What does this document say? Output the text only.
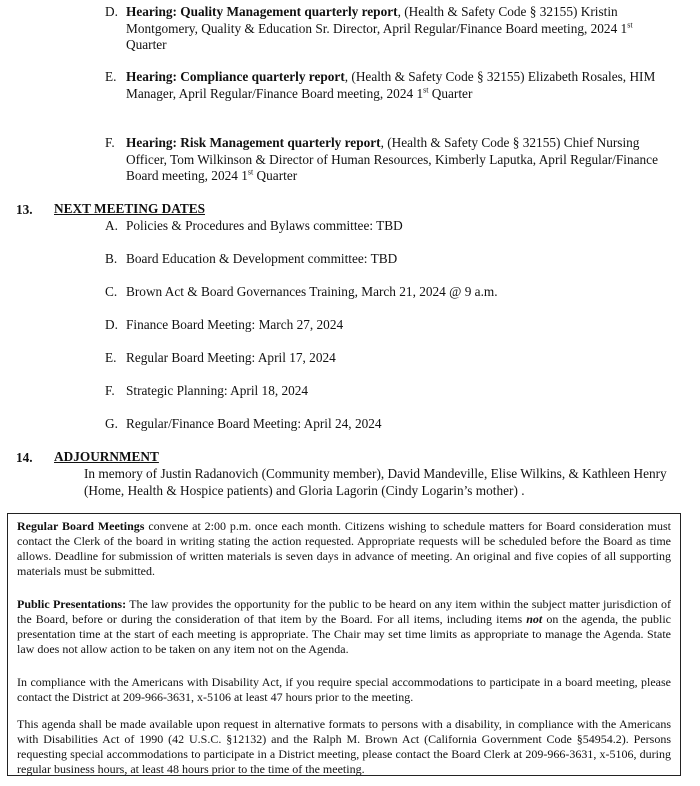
D. Hearing: Quality Management quarterly report, (Health & Safety Code § 32155) Kristin Montgomery, Quality & Education Sr. Director, April Regular/Finance Board meeting, 2024 1st Quarter
E. Hearing: Compliance quarterly report, (Health & Safety Code § 32155) Elizabeth Rosales, HIM Manager, April Regular/Finance Board meeting, 2024 1st Quarter
F. Hearing: Risk Management quarterly report, (Health & Safety Code § 32155) Chief Nursing Officer, Tom Wilkinson & Director of Human Resources, Kimberly Laputka, April Regular/Finance Board meeting, 2024 1st Quarter
13. NEXT MEETING DATES
A. Policies & Procedures and Bylaws committee: TBD
B. Board Education & Development committee: TBD
C. Brown Act & Board Governances Training, March 21, 2024 @ 9 a.m.
D. Finance Board Meeting: March 27, 2024
E. Regular Board Meeting: April 17, 2024
F. Strategic Planning: April 18, 2024
G. Regular/Finance Board Meeting: April 24, 2024
14. ADJOURNMENT
In memory of Justin Radanovich (Community member), David Mandeville, Elise Wilkins, & Kathleen Henry (Home, Health & Hospice patients) and Gloria Lagorin (Cindy Logarin’s mother) .
Regular Board Meetings convene at 2:00 p.m. once each month. Citizens wishing to schedule matters for Board consideration must contact the Clerk of the board in writing stating the action requested. Appropriate requests will be scheduled before the Board as time allows. Deadline for submission of written materials is seven days in advance of meeting. An original and five copies of all supporting materials must be submitted.
Public Presentations: The law provides the opportunity for the public to be heard on any item within the subject matter jurisdiction of the Board, before or during the consideration of that item by the Board. For all items, including items not on the agenda, the public presentation time at the start of each meeting is appropriate. The Chair may set time limits as appropriate to manage the Agenda. State law does not allow action to be taken on any item not on the Agenda.
In compliance with the Americans with Disability Act, if you require special accommodations to participate in a board meeting, please contact the District at 209-966-3631, x-5106 at least 47 hours prior to the meeting.
This agenda shall be made available upon request in alternative formats to persons with a disability, in compliance with the Americans with Disabilities Act of 1990 (42 U.S.C. §12132) and the Ralph M. Brown Act (California Government Code §54954.2). Persons requesting special accommodations to participate in a District meeting, please contact the Board Clerk at 209-966-3631, x-5106, during regular business hours, at least 48 hours prior to the time of the meeting.
